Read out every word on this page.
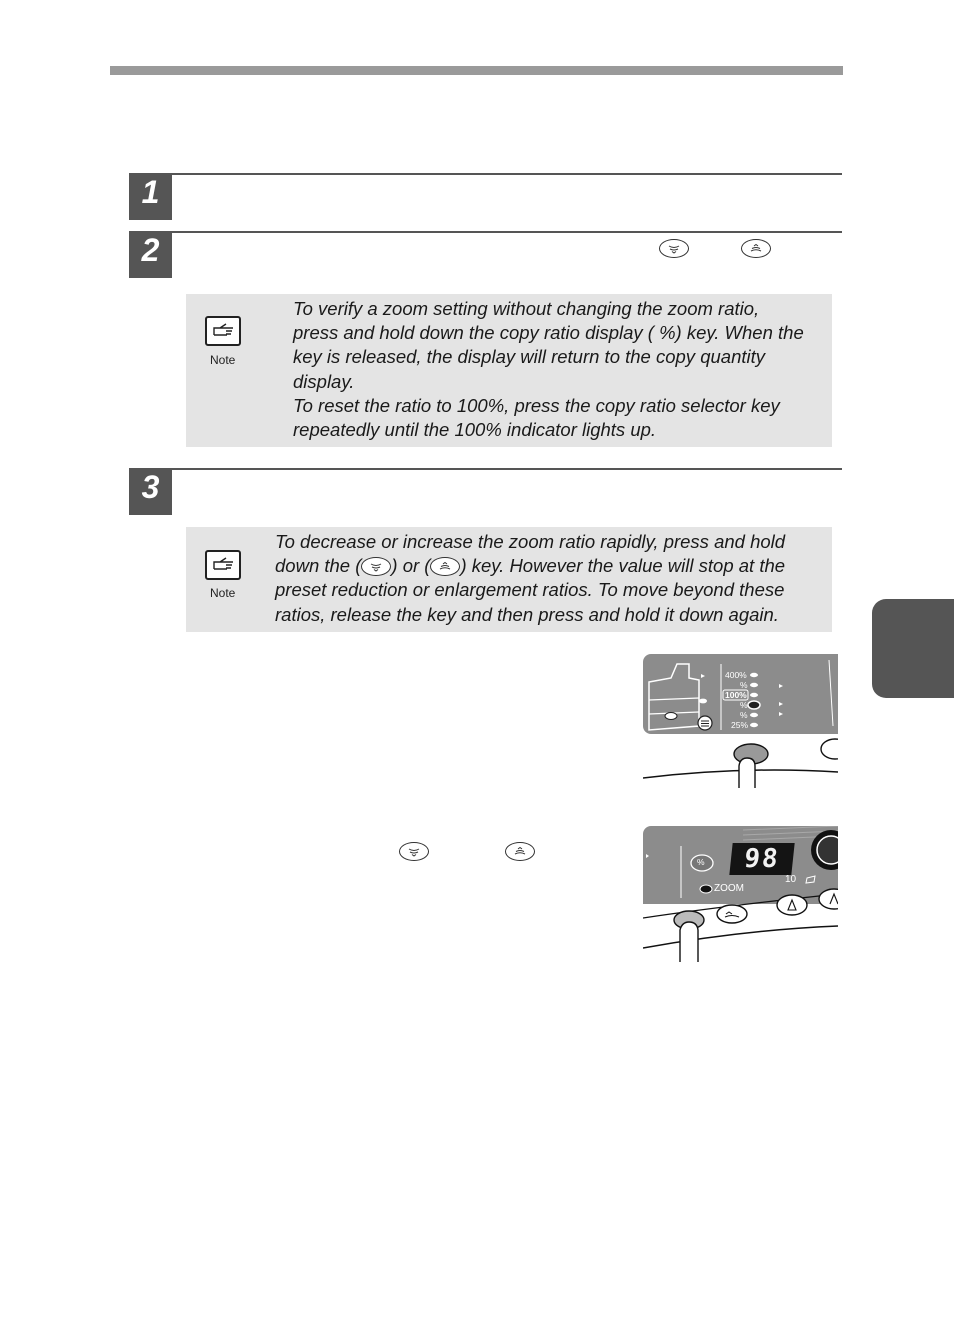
1
2

Note

To verify a zoom setting without changing the zoom ratio,

press and hold down the copy ratio display ( %) key. When the

key is released, the display will return to the copy quantity

display.

To reset the ratio to 100%, press the copy ratio selector key

repeatedly until the 100% indicator lights up.

3
Note

To decrease or increase the zoom ratio rapidly, press and hold

down the ( ) or ( ) key. However the value will stop at the

preset reduction or enlargement ratios. To move beyond these

ratios, release the key and then press and hold it down again.

400%
%
100%
%
%
25%

98
%
ZOOM
10
